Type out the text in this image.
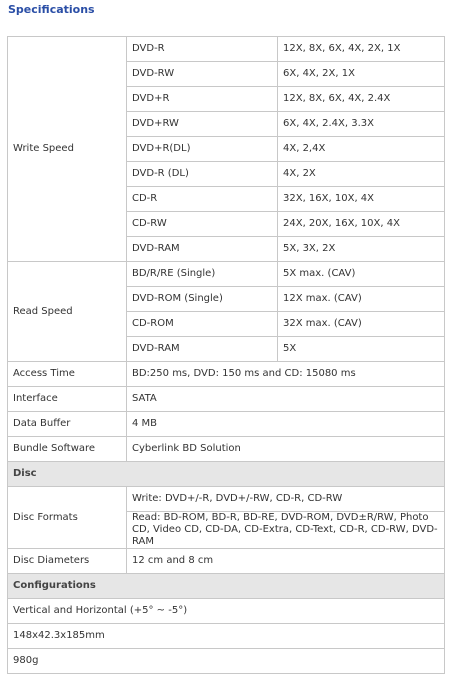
Specifications
Write Speed	DVD-R	12X, 8X, 6X, 4X, 2X, 1X
	DVD-RW	6X, 4X, 2X, 1X
	DVD+R	12X, 8X, 6X, 4X, 2.4X
	DVD+RW	6X, 4X, 2.4X, 3.3X
	DVD+R(DL)	4X, 2,4X
	DVD-R (DL)	4X, 2X
	CD-R	32X, 16X, 10X, 4X
	CD-RW	24X, 20X, 16X, 10X, 4X
	DVD-RAM	5X, 3X, 2X
Read Speed	BD/R/RE (Single)	5X max. (CAV)
	DVD-ROM (Single)	12X max. (CAV)
	CD-ROM	32X max. (CAV)
	DVD-RAM	5X
Access Time	BD:250 ms, DVD: 150 ms and CD: 15080 ms	
Interface	SATA	
Data Buffer	4 MB	
Bundle Software	Cyberlink BD Solution	
Disc		
Disc Formats	Write: DVD+/-R, DVD+/-RW, CD-R, CD-RW	
	Read: BD-ROM, BD-R, BD-RE, DVD-ROM, DVD±R/RW, Photo CD, Video CD, CD-DA, CD-Extra, CD-Text, CD-R, CD-RW, DVD-RAM	
Disc Diameters	12 cm and 8 cm	
Configurations		
Vertical and Horizontal (+5° ~ -5°)		
148x42.3x185mm		
980g		
